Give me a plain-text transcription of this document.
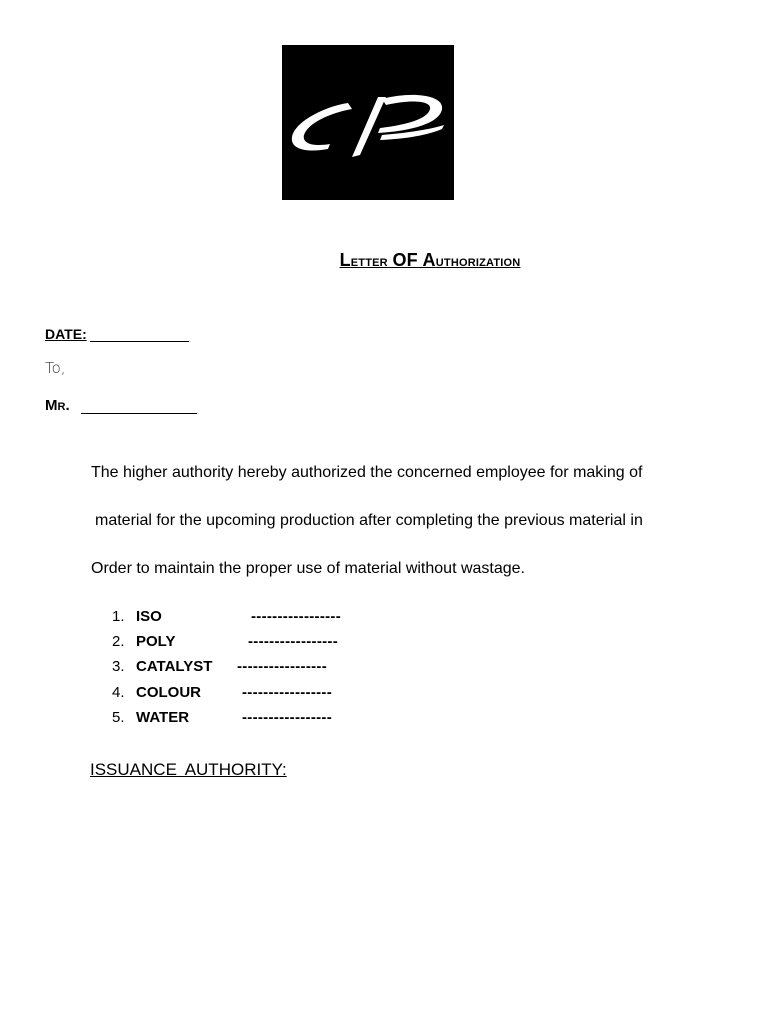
Letter OF Authorization
DATE:
To,
Mr.
The higher authority hereby authorized the concerned employee for making of
material for the upcoming production after completing the previous material in
Order to maintain the proper use of material without wastage.
1. ISO	-----------------
2. POLY	-----------------
3. CATALYST -----------------
4. COLOUR	-----------------
5. WATER	-----------------
ISSUANCE AUTHORITY:
